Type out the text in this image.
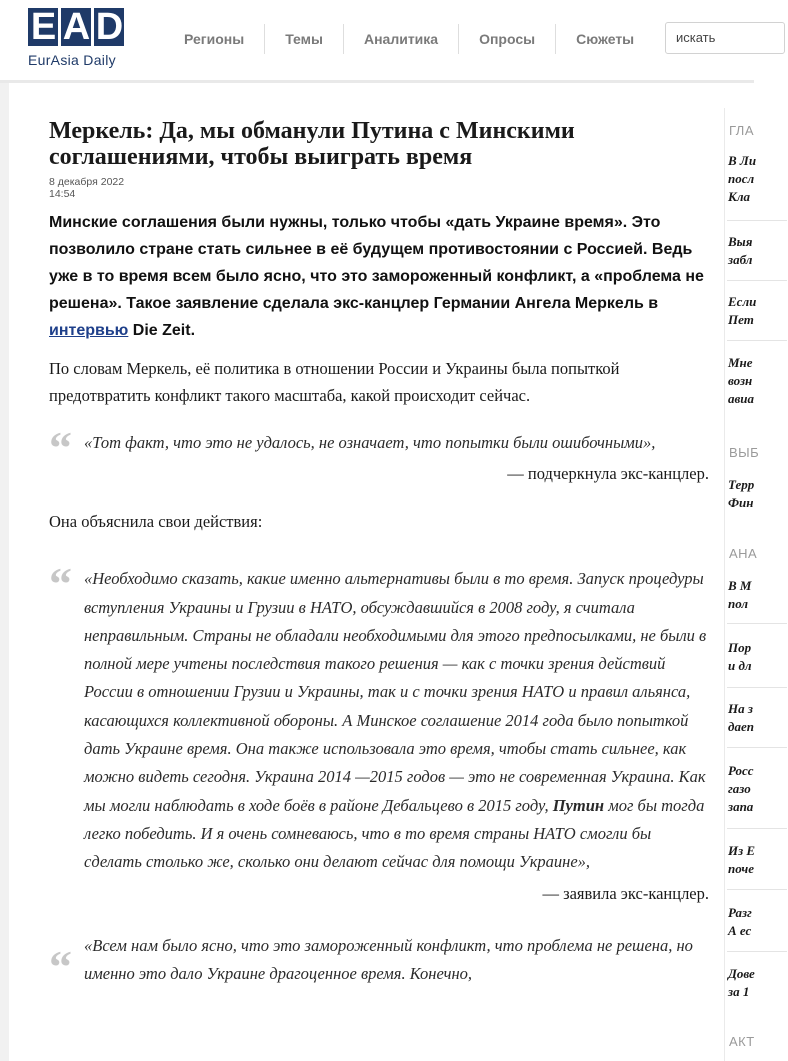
E A D
EurAsia Daily
Регионы	Темы	Аналитика	Опросы	Сюжеты	искать
Меркель: Да, мы обманули Путина с Минскими соглашениями, чтобы выиграть время
8 декабря 2022
14:54
Минские соглашения были нужны, только чтобы «дать Украине время». Это позволило стране стать сильнее в её будущем противостоянии с Россией. Ведь уже в то время всем было ясно, что это замороженный конфликт, а «проблема не решена». Такое заявление сделала экс-канцлер Германии Ангела Меркель в интервью Die Zeit.
По словам Меркель, её политика в отношении России и Украины была попыткой предотвратить конфликт такого масштаба, какой происходит сейчас.
“ «Тот факт, что это не удалось, не означает, что попытки были ошибочными»,
— подчеркнула экс-канцлер.
Она объяснила свои действия:
“ «Необходимо сказать, какие именно альтернативы были в то время. Запуск процедуры вступления Украины и Грузии в НАТО, обсуждавшийся в 2008 году, я считала неправильным. Страны не обладали необходимыми для этого предпосылками, не были в полной мере учтены последствия такого решения — как с точки зрения действий России в отношении Грузии и Украины, так и с точки зрения НАТО и правил альянса, касающихся коллективной обороны. А Минское соглашение 2014 года было попыткой дать Украине время. Она также использовала это время, чтобы стать сильнее, как можно видеть сегодня. Украина 2014 —2015 годов — это не современная Украина. Как мы могли наблюдать в ходе боёв в районе Дебальцево в 2015 году, Путин мог бы тогда легко победить. И я очень сомневаюсь, что в то время страны НАТО смогли бы сделать столько же, сколько они делают сейчас для помощи Украине»,
— заявила экс-канцлер.
“ «Всем нам было ясно, что это замороженный конфликт, что проблема не решена, но именно это дало Украине драгоценное время. Конечно,
ГЛА
В Ли
посл
Кла
Выя
забл
Если
Пет
Мне
возн
авиа
ВЫБ
Терр
Фин
АНА
В М
пол
Пор
и дл
На з
даеп
Росс
газо
запа
Из Е
поче
Разг
А ес
Дове
за 1
АКТ
